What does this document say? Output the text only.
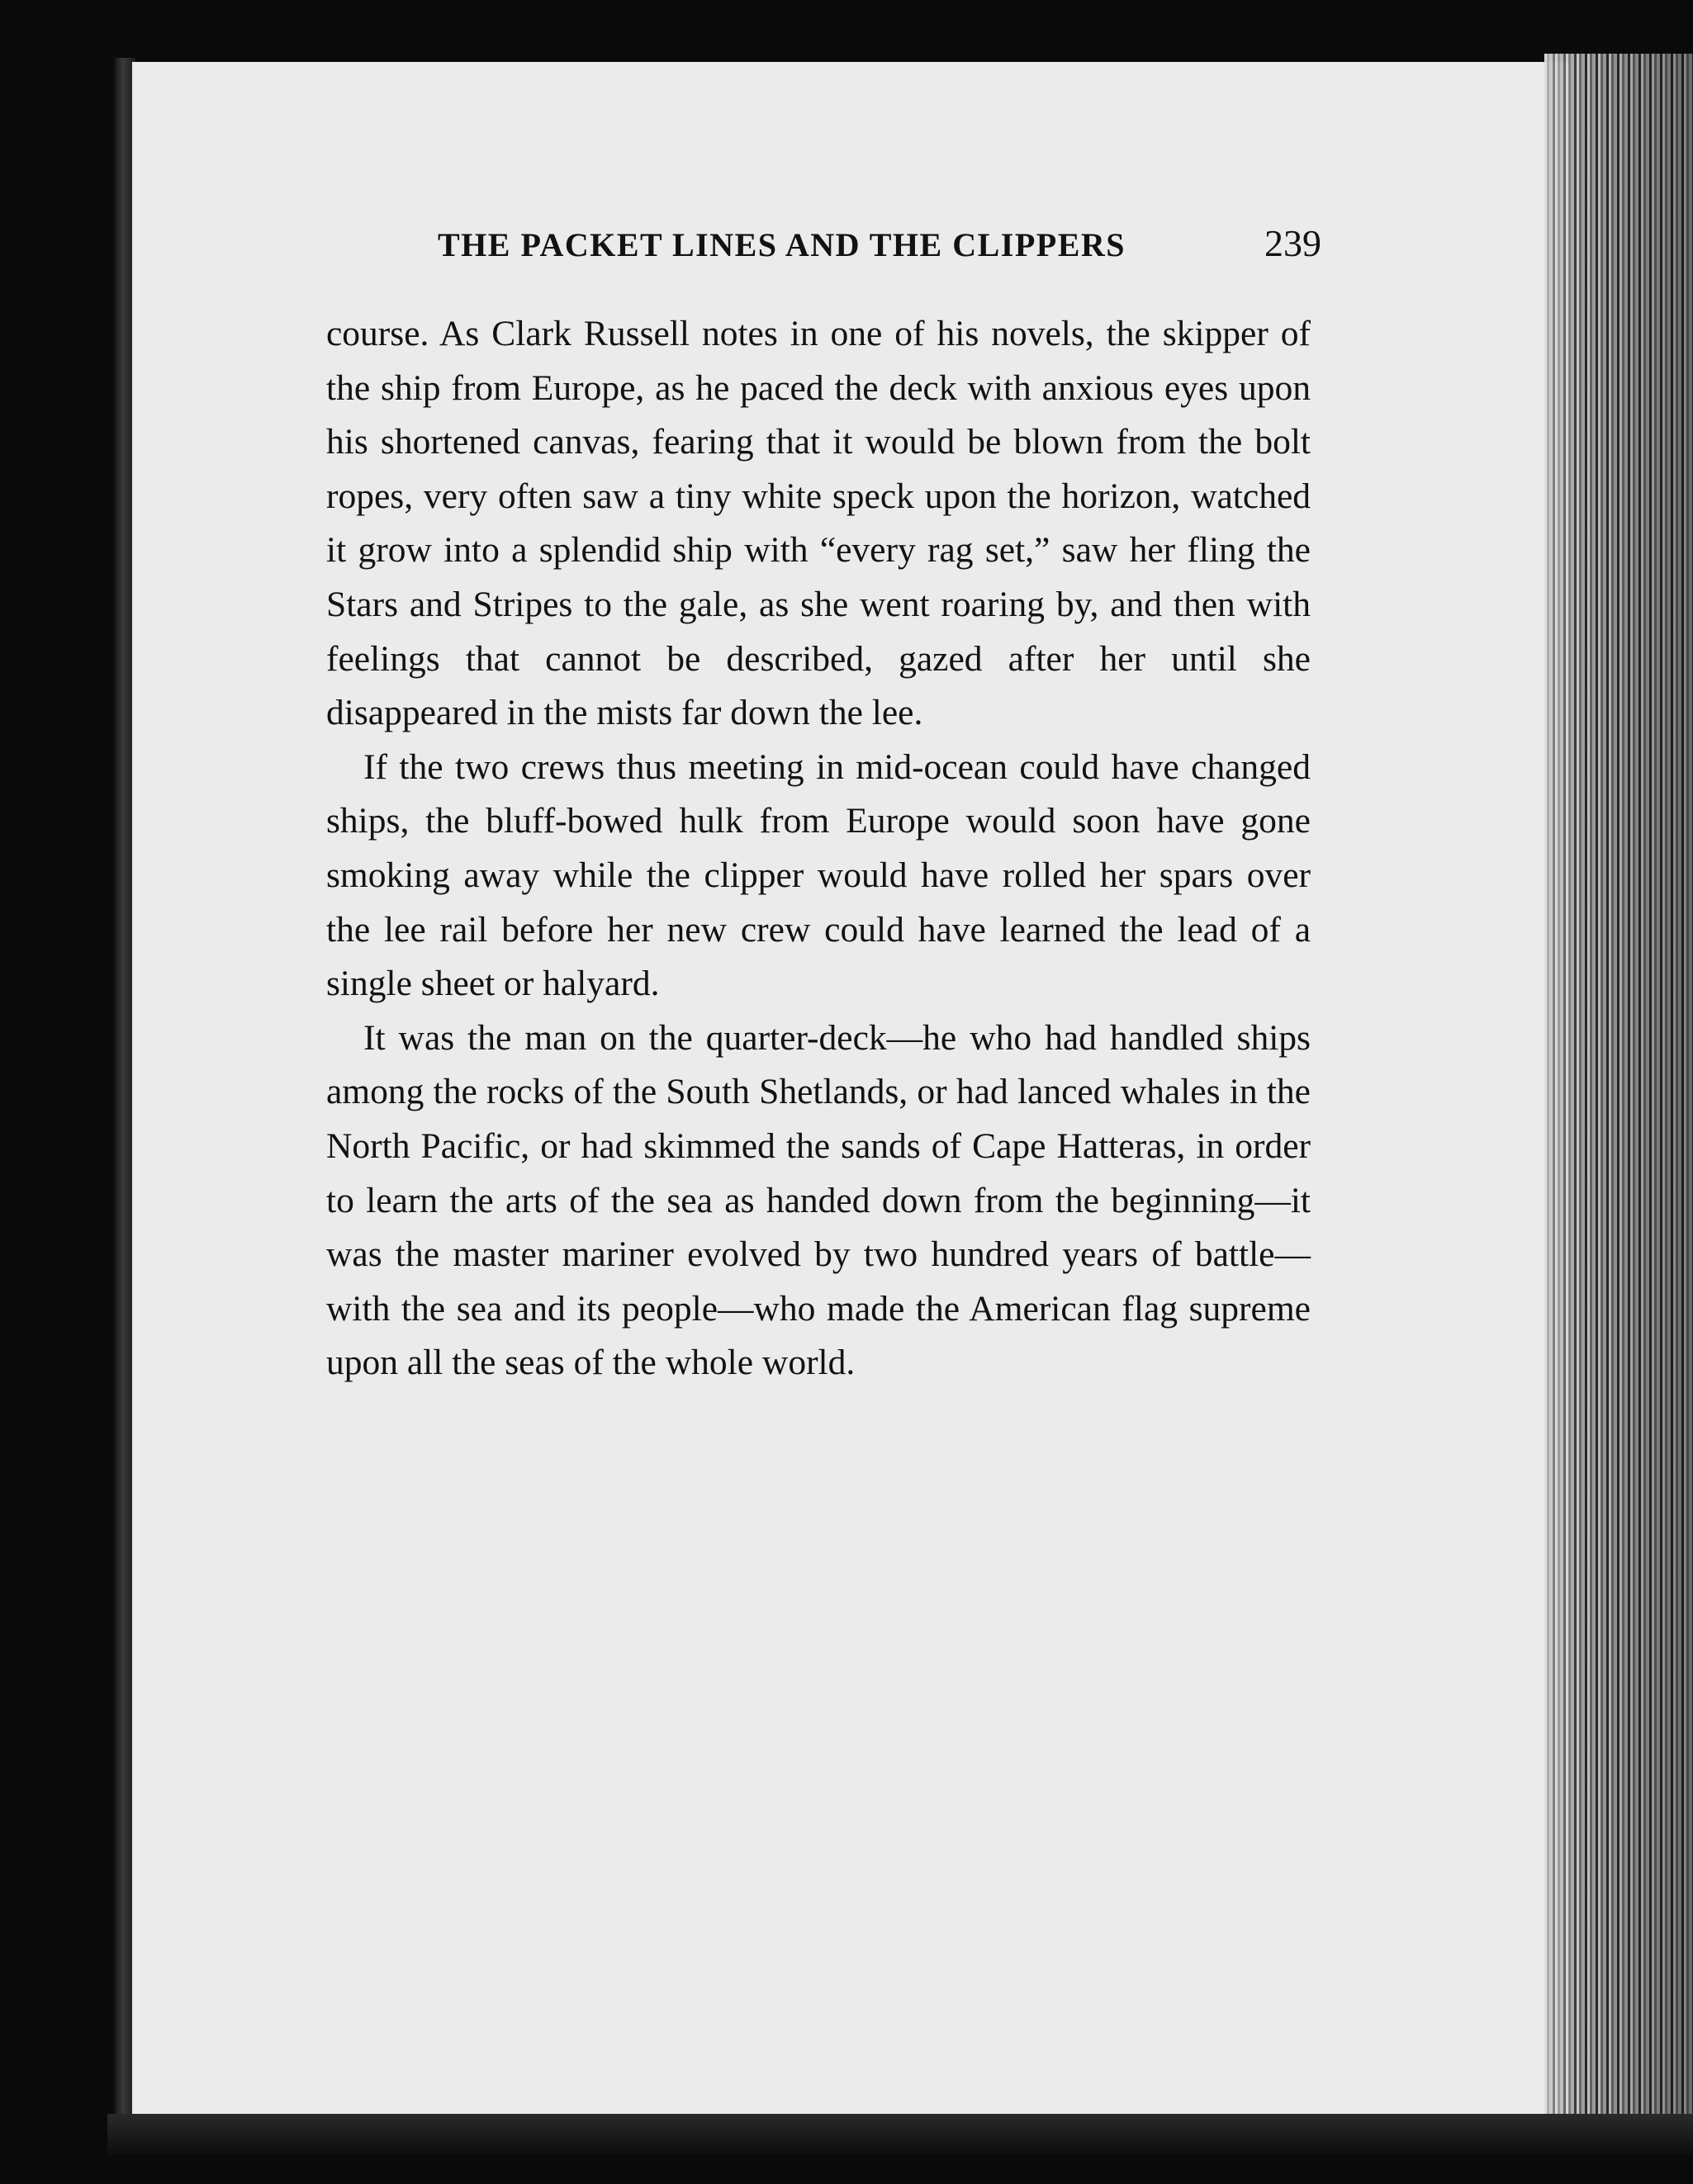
THE PACKET LINES AND THE CLIPPERS	239

course. As Clark Russell notes in one of his novels, the skipper of the ship from Europe, as he paced the deck with anxious eyes upon his shortened canvas, fearing that it would be blown from the bolt ropes, very often saw a tiny white speck upon the horizon, watched it grow into a splendid ship with “every rag set,” saw her fling the Stars and Stripes to the gale, as she went roaring by, and then with feelings that cannot be described, gazed after her until she disappeared in the mists far down the lee.

If the two crews thus meeting in mid-ocean could have changed ships, the bluff-bowed hulk from Europe would soon have gone smoking away while the clipper would have rolled her spars over the lee rail before her new crew could have learned the lead of a single sheet or halyard.

It was the man on the quarter-deck—he who had handled ships among the rocks of the South Shetlands, or had lanced whales in the North Pacific, or had skimmed the sands of Cape Hatteras, in order to learn the arts of the sea as handed down from the beginning—it was the master mariner evolved by two hundred years of battle—with the sea and its people—who made the American flag supreme upon all the seas of the whole world.
